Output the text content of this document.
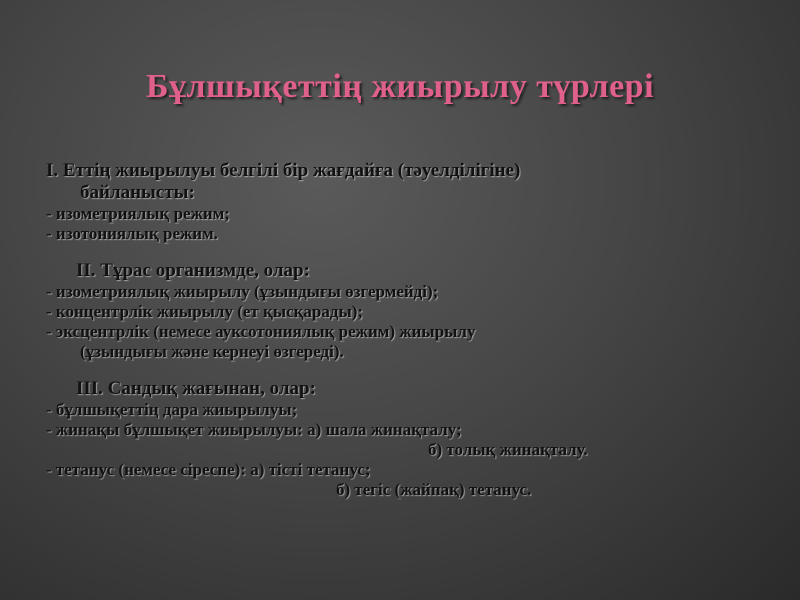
Бұлшықеттің жиырылу түрлері
І. Еттің жиырылуы белгілі бір жағдайға (тәуелділігіне)
байланысты:
- изометриялық режим;
- изотониялық режим.
ІІ. Тұрас организмде, олар:
- изометриялық жиырылу (ұзындығы өзгермейді);
- концентрлік жиырылу (ет қысқарады);
- эксцентрлік (немесе ауксотониялық режим) жиырылу
(ұзындығы және кернеуі өзгереді).
ІІІ. Сандық жағынан, олар:
- бұлшықеттің дара жиырылуы;
- жинақы бұлшықет жиырылуы: а) шала жинақталу;
б) толық жинақталу.
- тетанус (немесе сіреспе): а) тісті тетанус;
б) тегіс (жайпақ) тетанус.
